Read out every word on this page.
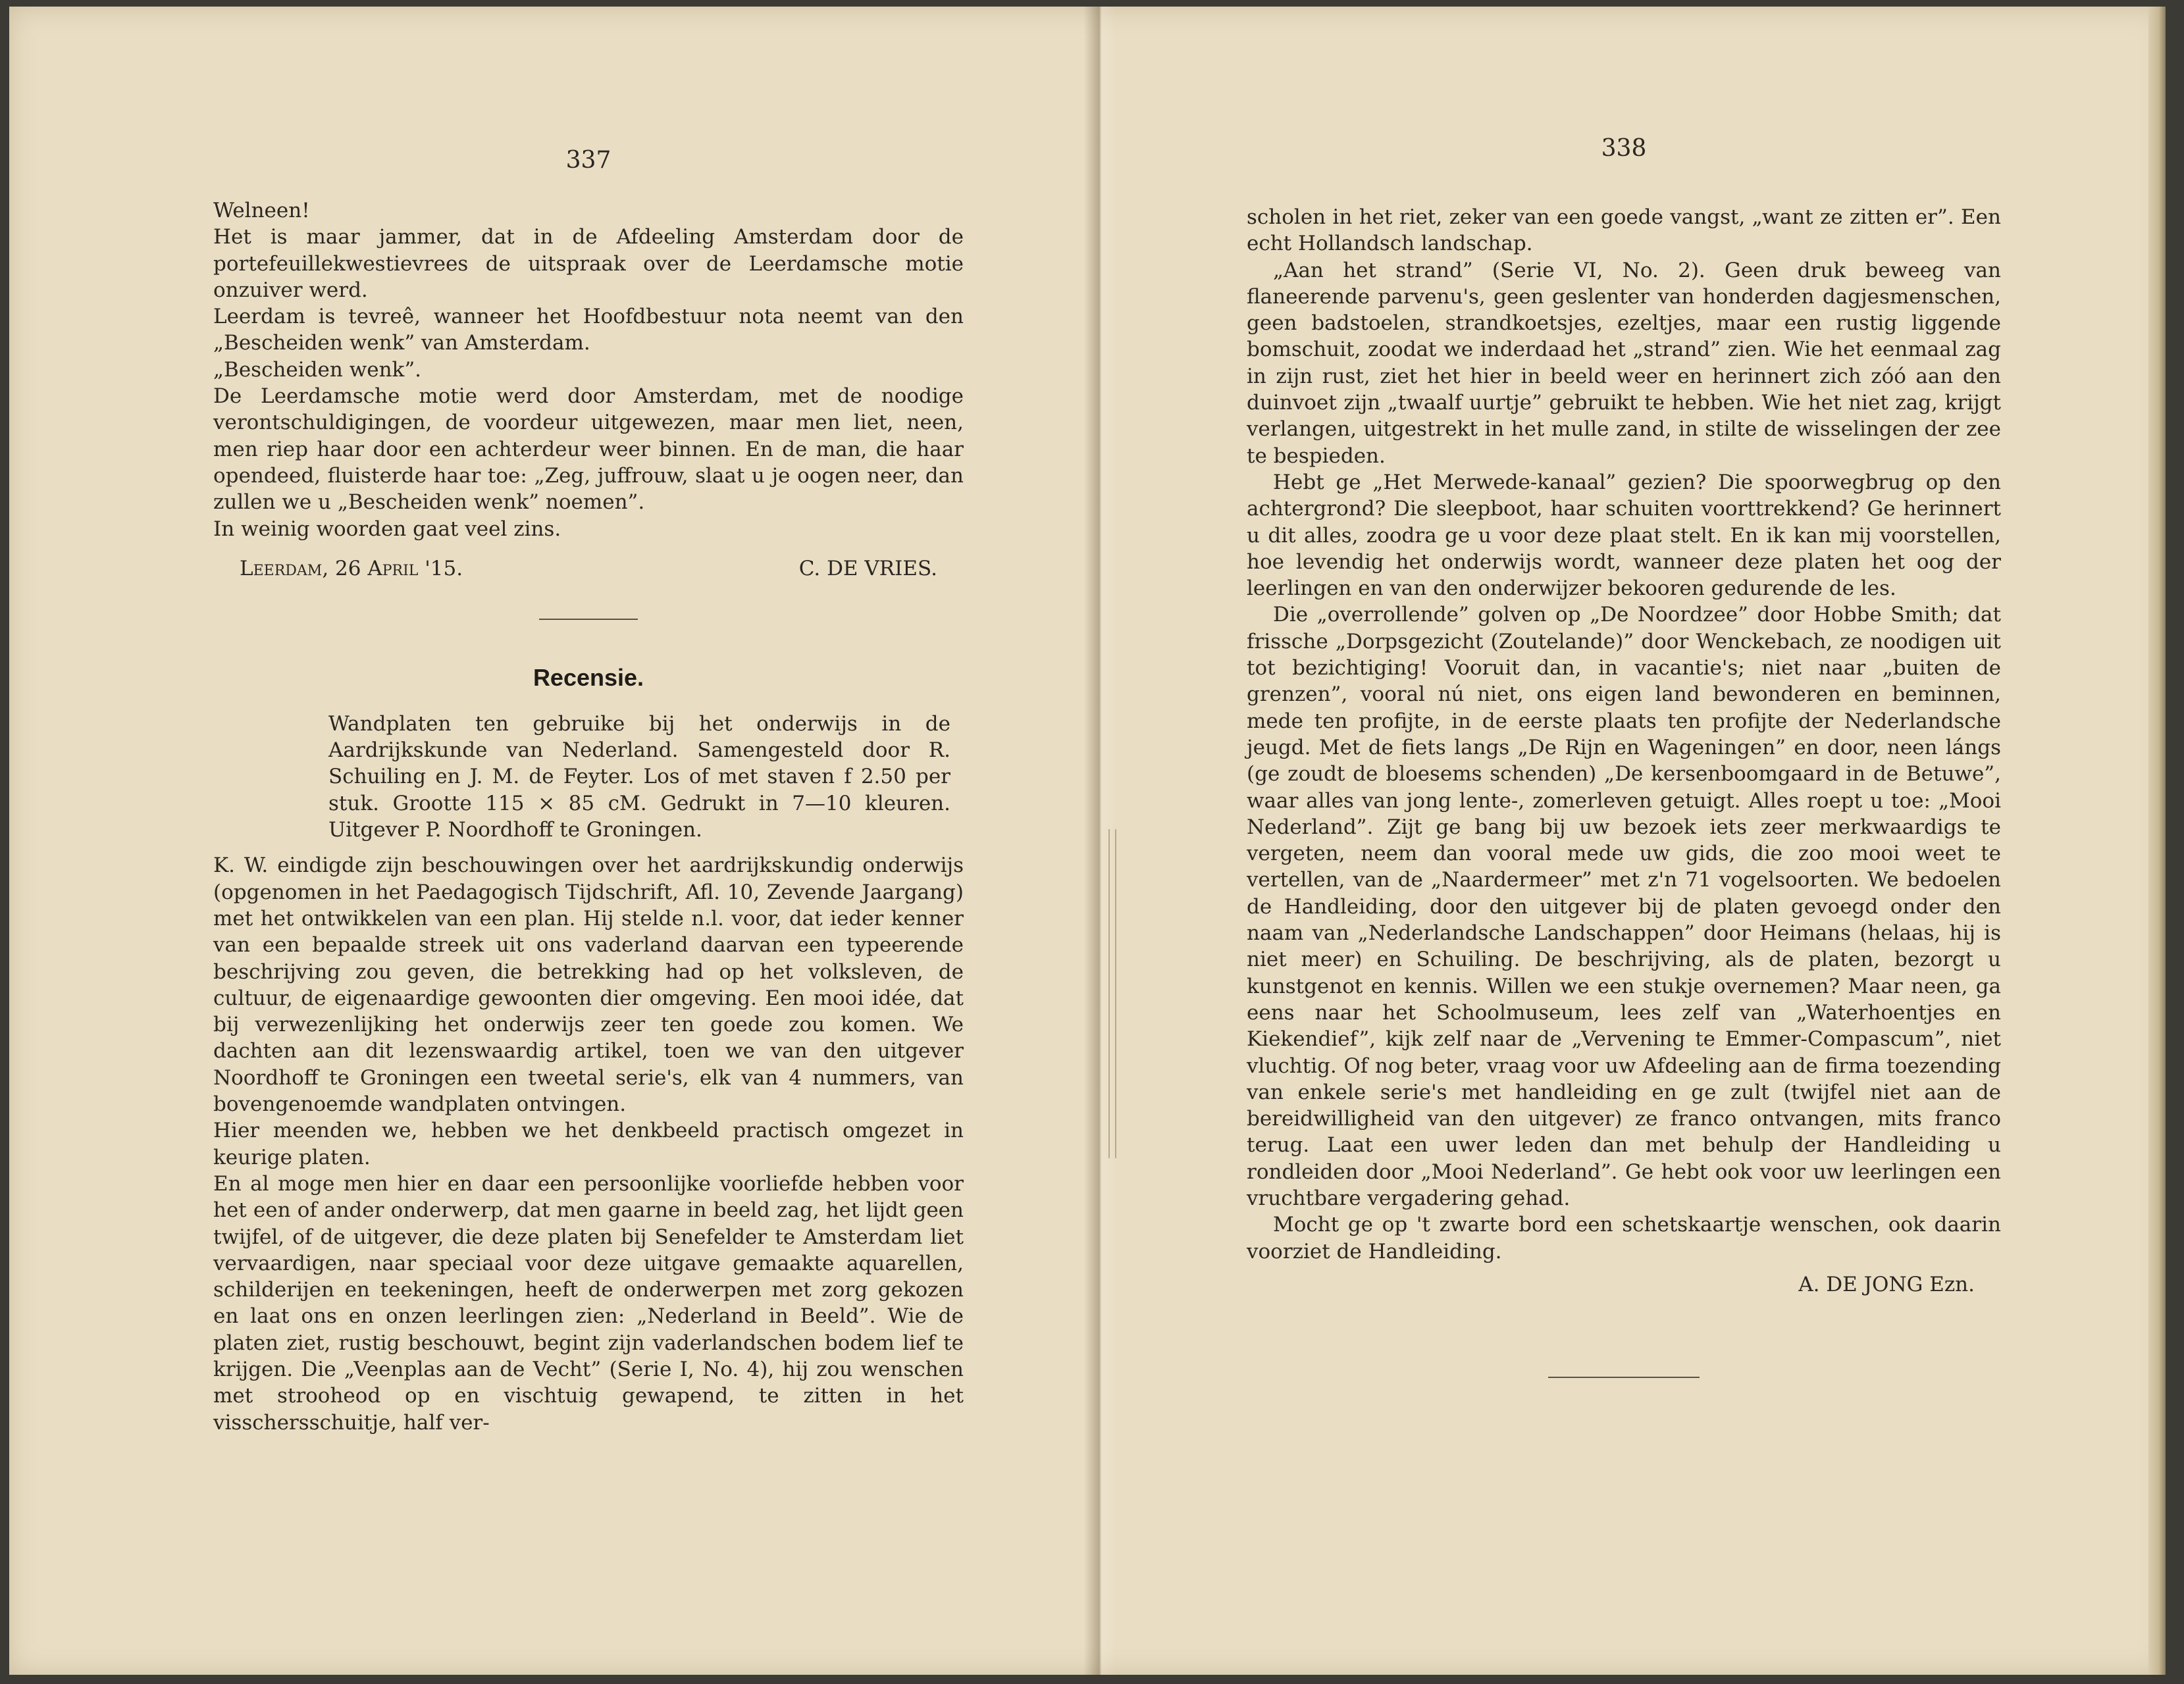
337

Welneen!

Het is maar jammer, dat in de Afdeeling Amsterdam door de portefeuillekwestievrees de uitspraak over de Leerdamsche motie onzuiver werd.

Leerdam is tevreê, wanneer het Hoofdbestuur nota neemt van den „Bescheiden wenk” van Amsterdam.

„Bescheiden wenk”.

De Leerdamsche motie werd door Amsterdam, met de noodige verontschuldigingen, de voordeur uitgewezen, maar men liet, neen, men riep haar door een achterdeur weer binnen. En de man, die haar opendeed, fluisterde haar toe: „Zeg, juffrouw, slaat u je oogen neer, dan zullen we u „Bescheiden wenk” noemen”.

In weinig woorden gaat veel zins.

Leerdam, 26 April '15.	C. DE VRIES.
Recensie.
Wandplaten ten gebruike bij het onderwijs in de Aardrijkskunde van Nederland. Samengesteld door R. Schuiling en J. M. de Feyter. Los of met staven f 2.50 per stuk. Grootte 115 × 85 cM. Gedrukt in 7—10 kleuren. Uitgever P. Noordhoff te Groningen.

K. W. eindigde zijn beschouwingen over het aardrijkskundig onderwijs (opgenomen in het Paedagogisch Tijdschrift, Afl. 10, Zevende Jaargang) met het ontwikkelen van een plan. Hij stelde n.l. voor, dat ieder kenner van een bepaalde streek uit ons vaderland daarvan een typeerende beschrijving zou geven, die betrekking had op het volksleven, de cultuur, de eigenaardige gewoonten dier omgeving. Een mooi idée, dat bij verwezenlijking het onderwijs zeer ten goede zou komen. We dachten aan dit lezenswaardig artikel, toen we van den uitgever Noordhoff te Groningen een tweetal serie's, elk van 4 nummers, van bovengenoemde wandplaten ontvingen.

Hier meenden we, hebben we het denkbeeld practisch omgezet in keurige platen.

En al moge men hier en daar een persoonlijke voorliefde hebben voor het een of ander onderwerp, dat men gaarne in beeld zag, het lijdt geen twijfel, of de uitgever, die deze platen bij Senefelder te Amsterdam liet vervaardigen, naar speciaal voor deze uitgave gemaakte aquarellen, schilderijen en teekeningen, heeft de onderwerpen met zorg gekozen en laat ons en onzen leerlingen zien: „Nederland in Beeld”. Wie de platen ziet, rustig beschouwt, begint zijn vaderlandschen bodem lief te krijgen. Die „Veenplas aan de Vecht” (Serie I, No. 4), hij zou wenschen met strooheod op en vischtuig gewapend, te zitten in het visschersschuitje, half ver-

338

scholen in het riet, zeker van een goede vangst, „want ze zitten er”. Een echt Hollandsch landschap.

„Aan het strand” (Serie VI, No. 2). Geen druk beweeg van flaneerende parvenu's, geen geslenter van honderden dagjesmenschen, geen badstoelen, strandkoetsjes, ezeltjes, maar een rustig liggende bomschuit, zoodat we inderdaad het „strand” zien. Wie het eenmaal zag in zijn rust, ziet het hier in beeld weer en herinnert zich zóó aan den duinvoet zijn „twaalf uurtje” gebruikt te hebben. Wie het niet zag, krijgt verlangen, uitgestrekt in het mulle zand, in stilte de wisselingen der zee te bespieden.

Hebt ge „Het Merwede-kanaal” gezien? Die spoorwegbrug op den achtergrond? Die sleepboot, haar schuiten voorttrekkend? Ge herinnert u dit alles, zoodra ge u voor deze plaat stelt. En ik kan mij voorstellen, hoe levendig het onderwijs wordt, wanneer deze platen het oog der leerlingen en van den onderwijzer bekooren gedurende de les.

Die „overrollende” golven op „De Noordzee” door Hobbe Smith; dat frissche „Dorpsgezicht (Zoutelande)” door Wenckebach, ze noodigen uit tot bezichtiging! Vooruit dan, in vacantie's; niet naar „buiten de grenzen”, vooral nú niet, ons eigen land bewonderen en beminnen, mede ten profijte, in de eerste plaats ten profijte der Nederlandsche jeugd. Met de fiets langs „De Rijn en Wageningen” en door, neen lángs (ge zoudt de bloesems schenden) „De kersenboomgaard in de Betuwe”, waar alles van jong lente-, zomerleven getuigt. Alles roept u toe: „Mooi Nederland”. Zijt ge bang bij uw bezoek iets zeer merkwaardigs te vergeten, neem dan vooral mede uw gids, die zoo mooi weet te vertellen, van de „Naardermeer” met z'n 71 vogelsoorten. We bedoelen de Handleiding, door den uitgever bij de platen gevoegd onder den naam van „Nederlandsche Landschappen” door Heimans (helaas, hij is niet meer) en Schuiling. De beschrijving, als de platen, bezorgt u kunstgenot en kennis. Willen we een stukje overnemen? Maar neen, ga eens naar het Schoolmuseum, lees zelf van „Waterhoentjes en Kiekendief”, kijk zelf naar de „Vervening te Emmer-Compascum”, niet vluchtig. Of nog beter, vraag voor uw Afdeeling aan de firma toezending van enkele serie's met handleiding en ge zult (twijfel niet aan de bereidwilligheid van den uitgever) ze franco ontvangen, mits franco terug. Laat een uwer leden dan met behulp der Handleiding u rondleiden door „Mooi Nederland”. Ge hebt ook voor uw leerlingen een vruchtbare vergadering gehad.

Mocht ge op 't zwarte bord een schetskaartje wenschen, ook daarin voorziet de Handleiding.

A. DE JONG Ezn.
